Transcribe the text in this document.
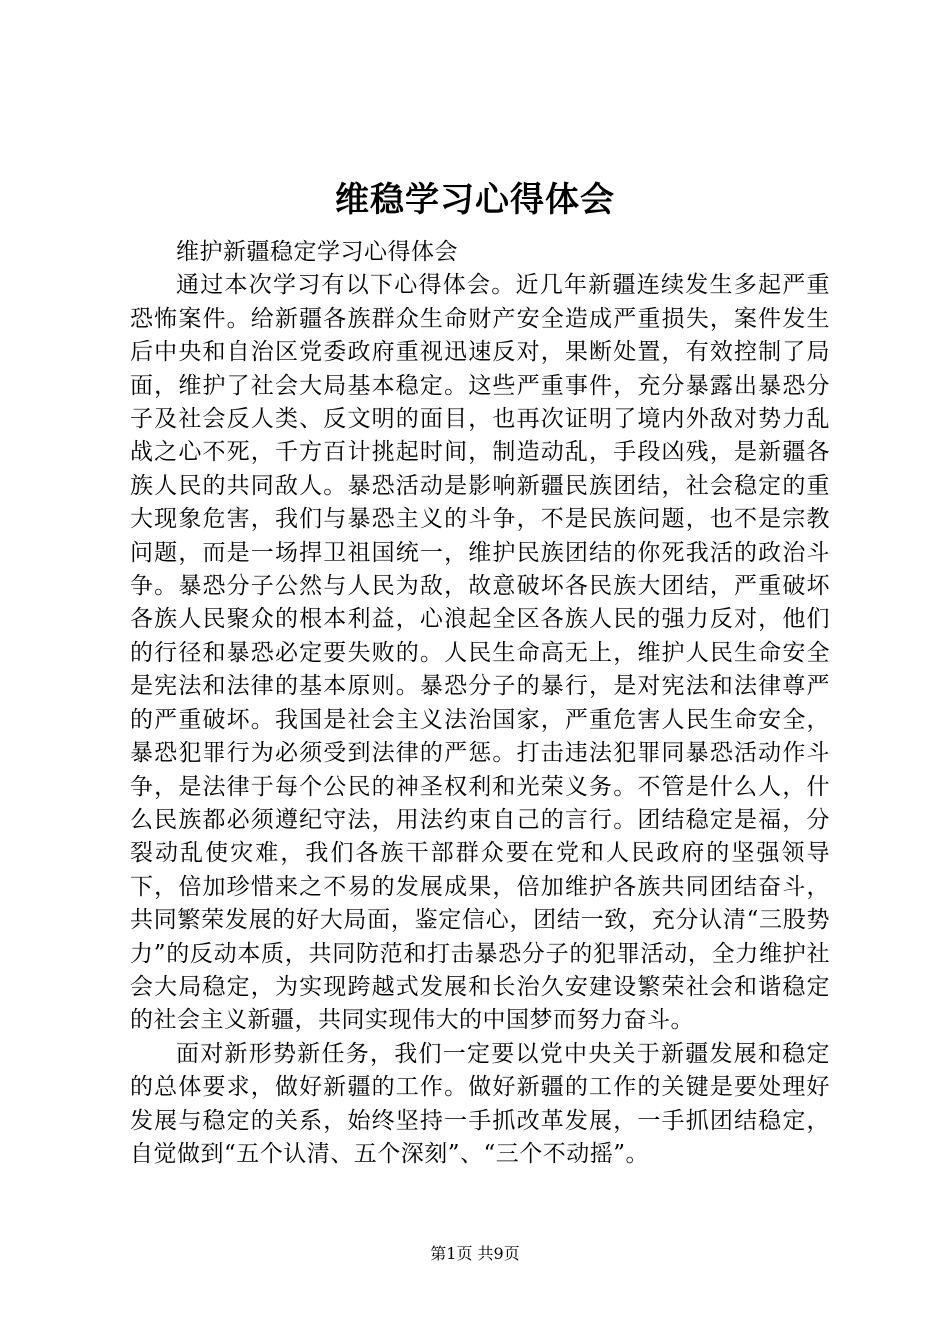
维稳学习心得体会

维护新疆稳定学习心得体会

通过本次学习有以下心得体会。近几年新疆连续发生多起严重恐怖案件。给新疆各族群众生命财产安全造成严重损失，案件发生后中央和自治区党委政府重视迅速反对，果断处置，有效控制了局面，维护了社会大局基本稳定。这些严重事件，充分暴露出暴恐分子及社会反人类、反文明的面目，也再次证明了境内外敌对势力乱战之心不死，千方百计挑起时间，制造动乱，手段凶残，是新疆各族人民的共同敌人。暴恐活动是影响新疆民族团结，社会稳定的重大现象危害，我们与暴恐主义的斗争，不是民族问题，也不是宗教问题，而是一场捍卫祖国统一，维护民族团结的你死我活的政治斗争。暴恐分子公然与人民为敌，故意破坏各民族大团结，严重破坏各族人民聚众的根本利益，心浪起全区各族人民的强力反对，他们的行径和暴恐必定要失败的。人民生命高无上，维护人民生命安全是宪法和法律的基本原则。暴恐分子的暴行，是对宪法和法律尊严的严重破坏。我国是社会主义法治国家，严重危害人民生命安全，暴恐犯罪行为必须受到法律的严惩。打击违法犯罪同暴恐活动作斗争，是法律于每个公民的神圣权利和光荣义务。不管是什么人，什么民族都必须遵纪守法，用法约束自己的言行。团结稳定是福，分裂动乱使灾难，我们各族干部群众要在党和人民政府的坚强领导下，倍加珍惜来之不易的发展成果，倍加维护各族共同团结奋斗，共同繁荣发展的好大局面，鉴定信心，团结一致，充分认清“三股势力”的反动本质，共同防范和打击暴恐分子的犯罪活动，全力维护社会大局稳定，为实现跨越式发展和长治久安建设繁荣社会和谐稳定的社会主义新疆，共同实现伟大的中国梦而努力奋斗。

面对新形势新任务，我们一定要以党中央关于新疆发展和稳定的总体要求，做好新疆的工作。做好新疆的工作的关键是要处理好发展与稳定的关系，始终坚持一手抓改革发展，一手抓团结稳定，自觉做到“五个认清、五个深刻”、“三个不动摇”。

第1页 共9页
